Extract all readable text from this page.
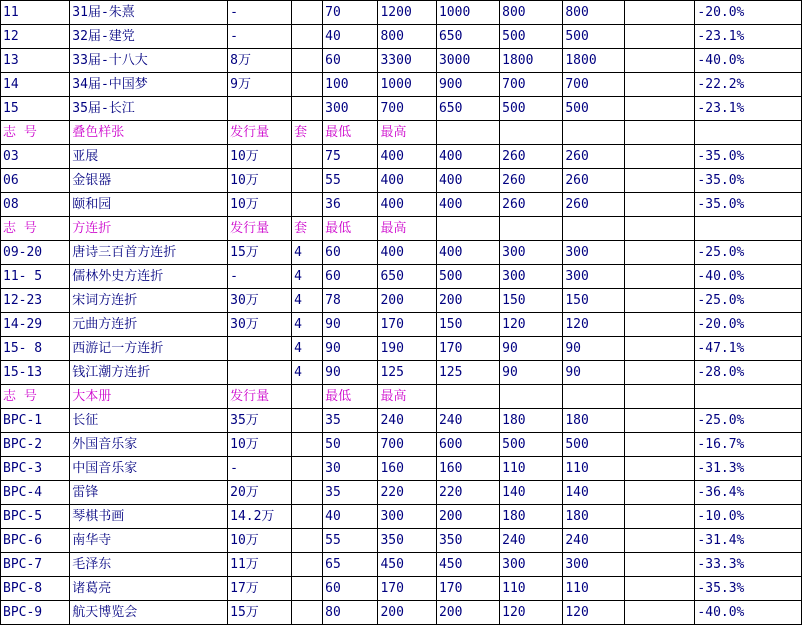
11	31届-朱熹	-		70	1200	1000	800	800		-20.0%
12	32届-建党	-		40	800	650	500	500		-23.1%
13	33届-十八大	8万		60	3300	3000	1800	1800		-40.0%
14	34届-中国梦	9万		100	1000	900	700	700		-22.2%
15	35届-长江			300	700	650	500	500		-23.1%
志 号	叠色样张	发行量	套	最低	最高					
03	亚展	10万		75	400	400	260	260		-35.0%
06	金银器	10万		55	400	400	260	260		-35.0%
08	颐和园	10万		36	400	400	260	260		-35.0%
志 号	方连折	发行量	套	最低	最高					
09-20	唐诗三百首方连折	15万	4	60	400	400	300	300		-25.0%
11- 5	儒林外史方连折	-	4	60	650	500	300	300		-40.0%
12-23	宋词方连折	30万	4	78	200	200	150	150		-25.0%
14-29	元曲方连折	30万	4	90	170	150	120	120		-20.0%
15- 8	西游记一方连折		4	90	190	170	90	90		-47.1%
15-13	钱江潮方连折		4	90	125	125	90	90		-28.0%
志 号	大本册	发行量		最低	最高					
BPC-1	长征	35万		35	240	240	180	180		-25.0%
BPC-2	外国音乐家	10万		50	700	600	500	500		-16.7%
BPC-3	中国音乐家	-		30	160	160	110	110		-31.3%
BPC-4	雷锋	20万		35	220	220	140	140		-36.4%
BPC-5	琴棋书画	14.2万		40	300	200	180	180		-10.0%
BPC-6	南华寺	10万		55	350	350	240	240		-31.4%
BPC-7	毛泽东	11万		65	450	450	300	300		-33.3%
BPC-8	诸葛亮	17万		60	170	170	110	110		-35.3%
BPC-9	航天博览会	15万		80	200	200	120	120		-40.0%
